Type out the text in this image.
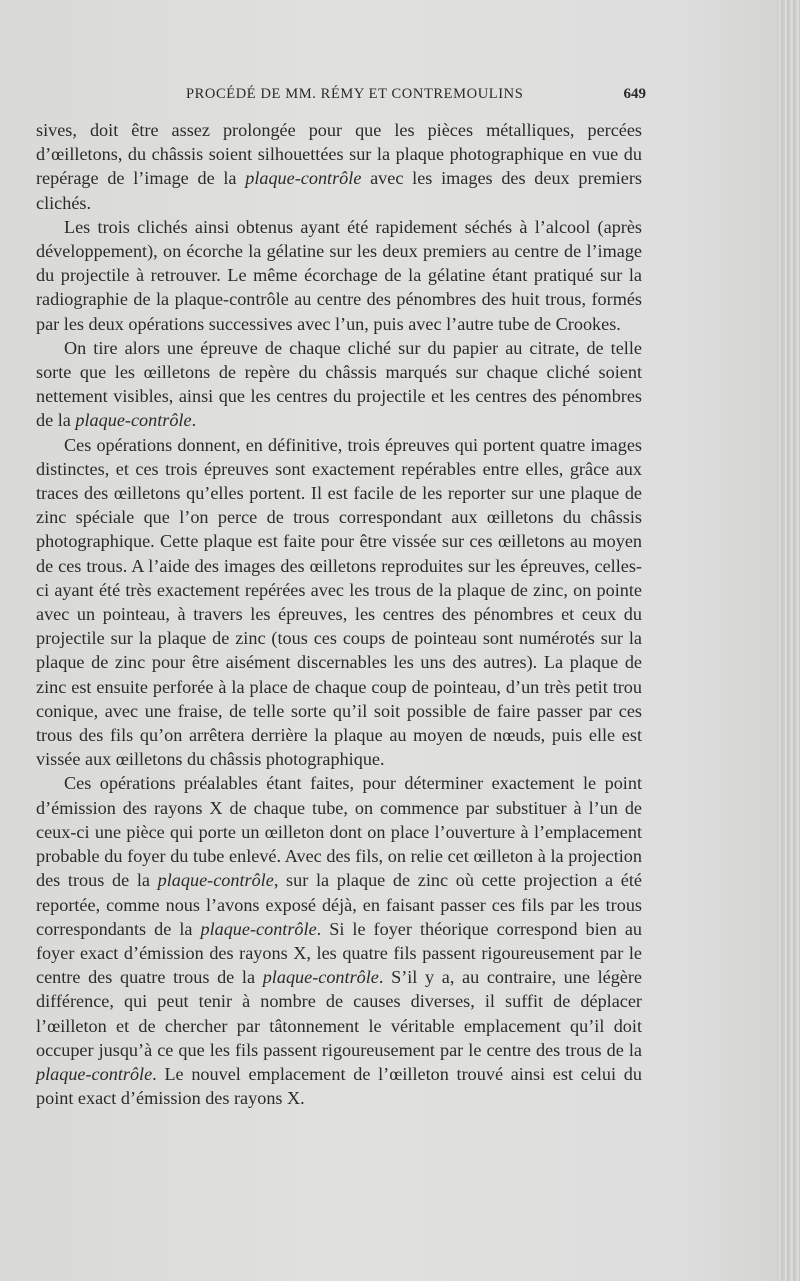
PROCÉDÉ DE MM. RÉMY ET CONTREMOULINS	649

sives, doit être assez prolongée pour que les pièces métalliques, percées d’œilletons, du châssis soient silhouettées sur la plaque photographique en vue du repérage de l’image de la plaque-contrôle avec les images des deux premiers clichés.

Les trois clichés ainsi obtenus ayant été rapidement séchés à l’alcool (après développement), on écorche la gélatine sur les deux premiers au centre de l’image du projectile à retrouver. Le même écorchage de la gélatine étant pratiqué sur la radiographie de la plaque-contrôle au centre des pénombres des huit trous, formés par les deux opérations successives avec l’un, puis avec l’autre tube de Crookes.

On tire alors une épreuve de chaque cliché sur du papier au citrate, de telle sorte que les œilletons de repère du châssis marqués sur chaque cliché soient nettement visibles, ainsi que les centres du projectile et les centres des pénombres de la plaque-contrôle.

Ces opérations donnent, en définitive, trois épreuves qui portent quatre images distinctes, et ces trois épreuves sont exactement repérables entre elles, grâce aux traces des œilletons qu’elles portent. Il est facile de les reporter sur une plaque de zinc spéciale que l’on perce de trous correspondant aux œilletons du châssis photographique. Cette plaque est faite pour être vissée sur ces œilletons au moyen de ces trous. A l’aide des images des œilletons reproduites sur les épreuves, celles-ci ayant été très exactement repérées avec les trous de la plaque de zinc, on pointe avec un pointeau, à travers les épreuves, les centres des pénombres et ceux du projectile sur la plaque de zinc (tous ces coups de pointeau sont numérotés sur la plaque de zinc pour être aisément discernables les uns des autres). La plaque de zinc est ensuite perforée à la place de chaque coup de pointeau, d’un très petit trou conique, avec une fraise, de telle sorte qu’il soit possible de faire passer par ces trous des fils qu’on arrêtera derrière la plaque au moyen de nœuds, puis elle est vissée aux œilletons du châssis photographique.

Ces opérations préalables étant faites, pour déterminer exactement le point d’émission des rayons X de chaque tube, on commence par substituer à l’un de ceux-ci une pièce qui porte un œilleton dont on place l’ouverture à l’emplacement probable du foyer du tube enlevé. Avec des fils, on relie cet œilleton à la projection des trous de la plaque-contrôle, sur la plaque de zinc où cette projection a été reportée, comme nous l’avons exposé déjà, en faisant passer ces fils par les trous correspondants de la plaque-contrôle. Si le foyer théorique correspond bien au foyer exact d’émission des rayons X, les quatre fils passent rigoureusement par le centre des quatre trous de la plaque-contrôle. S’il y a, au contraire, une légère différence, qui peut tenir à nombre de causes diverses, il suffit de déplacer l’œilleton et de chercher par tâtonnement le véritable emplacement qu’il doit occuper jusqu’à ce que les fils passent rigoureusement par le centre des trous de la plaque-contrôle. Le nouvel emplacement de l’œilleton trouvé ainsi est celui du point exact d’émission des rayons X.
